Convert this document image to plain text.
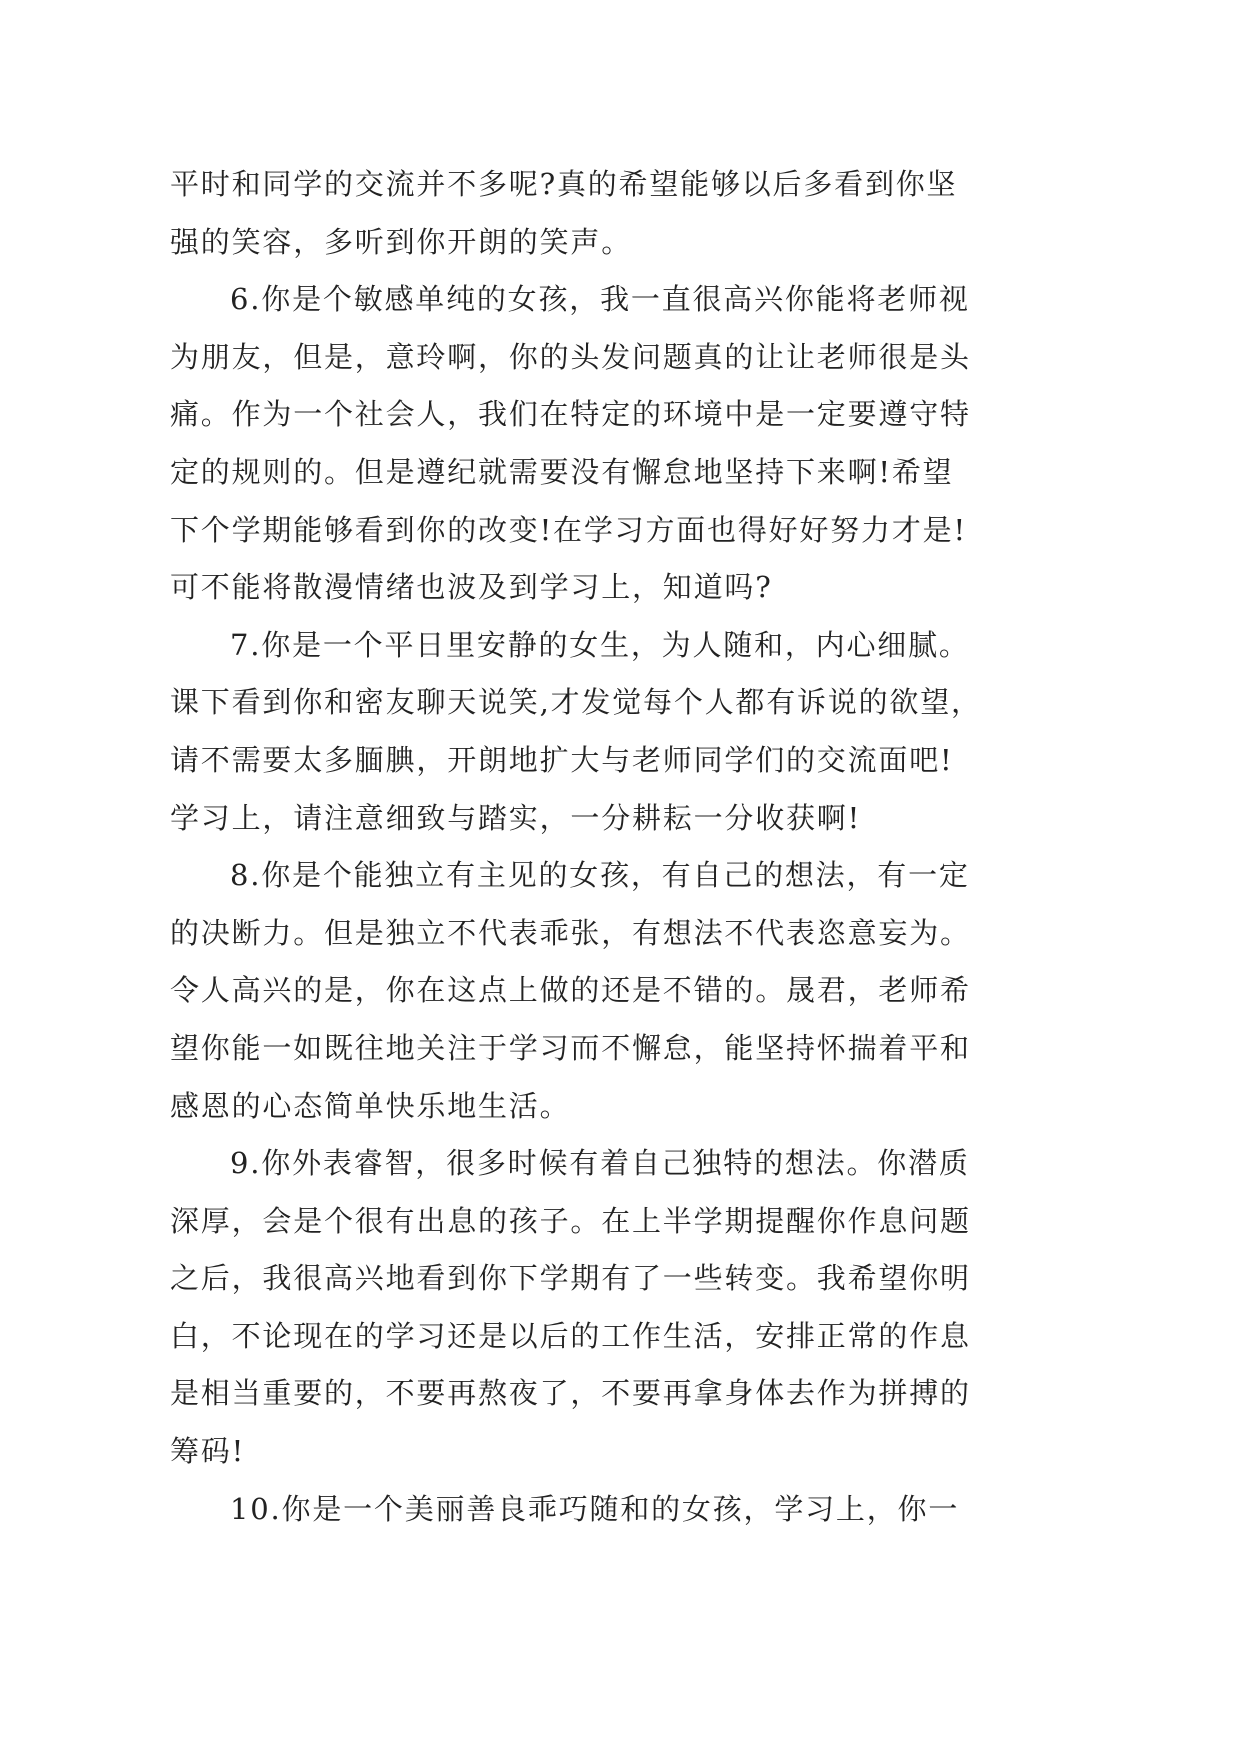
平时和同学的交流并不多呢?真的希望能够以后多看到你坚
强的笑容，多听到你开朗的笑声。
6.你是个敏感单纯的女孩，我一直很高兴你能将老师视
为朋友，但是，意玲啊，你的头发问题真的让让老师很是头
痛。作为一个社会人，我们在特定的环境中是一定要遵守特
定的规则的。但是遵纪就需要没有懈怠地坚持下来啊!希望
下个学期能够看到你的改变!在学习方面也得好好努力才是!
可不能将散漫情绪也波及到学习上，知道吗?
7.你是一个平日里安静的女生，为人随和，内心细腻。
课下看到你和密友聊天说笑,才发觉每个人都有诉说的欲望，
请不需要太多腼腆，开朗地扩大与老师同学们的交流面吧!
学习上，请注意细致与踏实，一分耕耘一分收获啊!
8.你是个能独立有主见的女孩，有自己的想法，有一定
的决断力。但是独立不代表乖张，有想法不代表恣意妄为。
令人高兴的是，你在这点上做的还是不错的。晟君，老师希
望你能一如既往地关注于学习而不懈怠，能坚持怀揣着平和
感恩的心态简单快乐地生活。
9.你外表睿智，很多时候有着自己独特的想法。你潜质
深厚，会是个很有出息的孩子。在上半学期提醒你作息问题
之后，我很高兴地看到你下学期有了一些转变。我希望你明
白，不论现在的学习还是以后的工作生活，安排正常的作息
是相当重要的，不要再熬夜了，不要再拿身体去作为拼搏的
筹码!
10.你是一个美丽善良乖巧随和的女孩，学习上，你一
